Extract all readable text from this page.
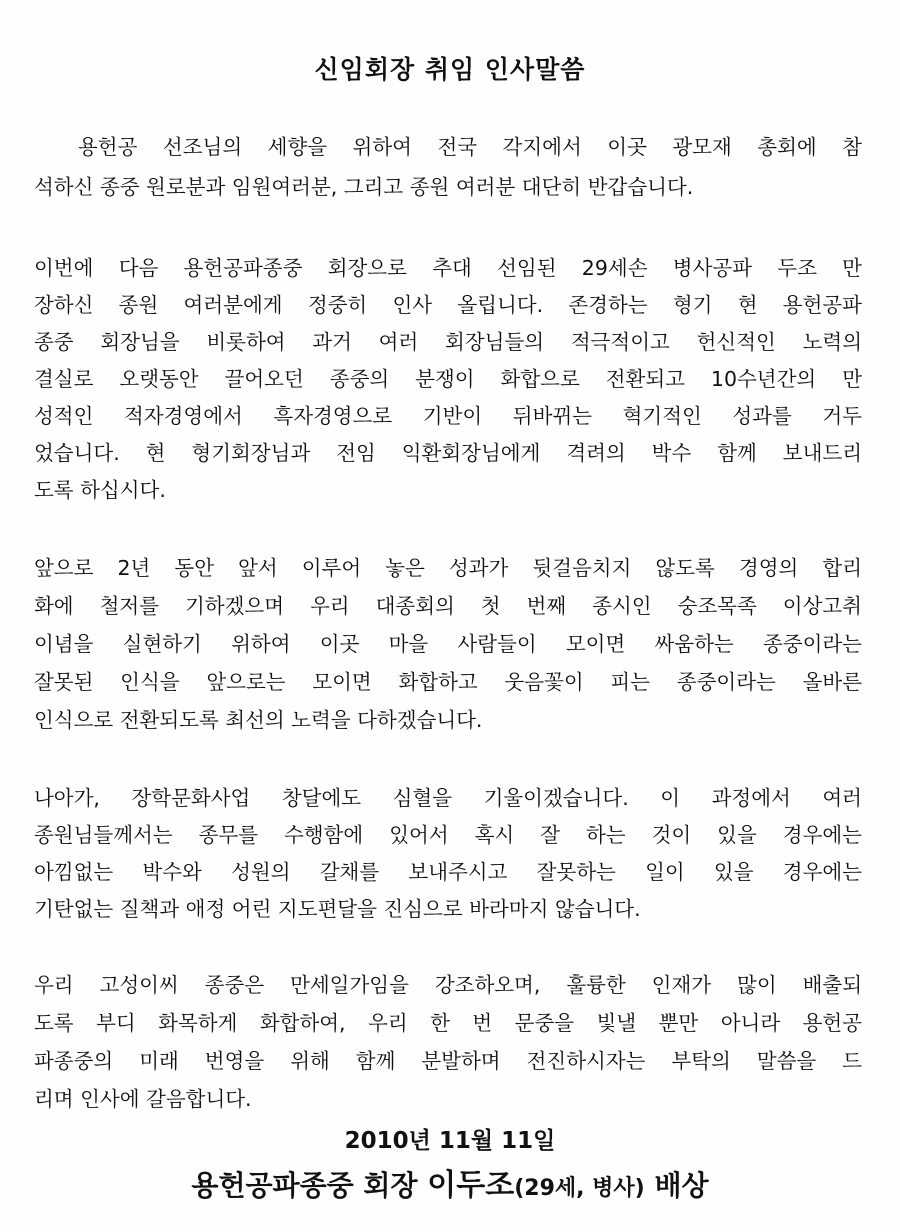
신임회장 취임 인사말씀
용헌공 선조님의 세향을 위하여 전국 각지에서 이곳 광모재 총회에 참
석하신 종중 원로분과 임원여러분, 그리고 종원 여러분 대단히 반갑습니다.
이번에 다음 용헌공파종중 회장으로 추대 선임된 29세손 병사공파 두조 만
장하신 종원 여러분에게 정중히 인사 올립니다. 존경하는 형기 현 용헌공파
종중 회장님을 비롯하여 과거 여러 회장님들의 적극적이고 헌신적인 노력의
결실로 오랫동안 끌어오던 종중의 분쟁이 화합으로 전환되고 10수년간의 만
성적인 적자경영에서 흑자경영으로 기반이 뒤바뀌는 혁기적인 성과를 거두
었습니다. 현 형기회장님과 전임 익환회장님에게 격려의 박수 함께 보내드리
도록 하십시다.
앞으로 2년 동안 앞서 이루어 놓은 성과가 뒷걸음치지 않도록 경영의 합리
화에 철저를 기하겠으며 우리 대종회의 첫 번째 종시인 숭조목족 이상고취
이념을 실현하기 위하여 이곳 마을 사람들이 모이면 싸움하는 종중이라는
잘못된 인식을 앞으로는 모이면 화합하고 웃음꽃이 피는 종중이라는 올바른
인식으로 전환되도록 최선의 노력을 다하겠습니다.
나아가, 장학문화사업 창달에도 심혈을 기울이겠습니다. 이 과정에서 여러
종원님들께서는 종무를 수행함에 있어서 혹시 잘 하는 것이 있을 경우에는
아낌없는 박수와 성원의 갈채를 보내주시고 잘못하는 일이 있을 경우에는
기탄없는 질책과 애정 어린 지도편달을 진심으로 바라마지 않습니다.
우리 고성이씨 종중은 만세일가임을 강조하오며, 훌륭한 인재가 많이 배출되
도록 부디 화목하게 화합하여, 우리 한 번 문중을 빛낼 뿐만 아니라 용헌공
파종중의 미래 번영을 위해 함께 분발하며 전진하시자는 부탁의 말씀을 드
리며 인사에 갈음합니다.
2010년 11월 11일
용헌공파종중 회장 이두조(29세, 병사) 배상
